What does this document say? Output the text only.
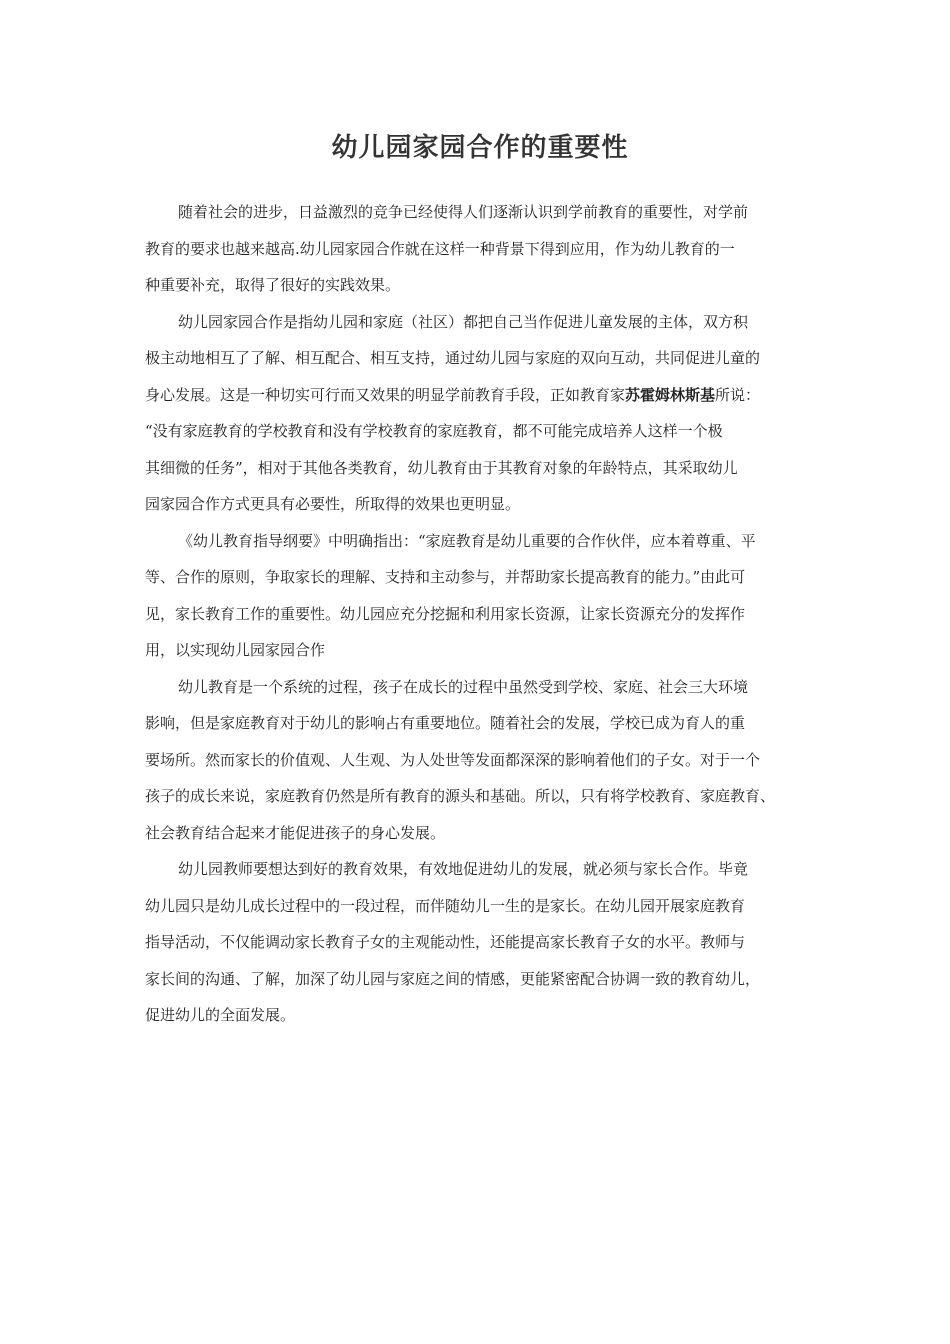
幼儿园家园合作的重要性
随着社会的进步，日益激烈的竞争已经使得人们逐渐认识到学前教育的重要性，对学前
教育的要求也越来越高.幼儿园家园合作就在这样一种背景下得到应用，作为幼儿教育的一
种重要补充，取得了很好的实践效果。
幼儿园家园合作是指幼儿园和家庭（社区）都把自己当作促进儿童发展的主体，双方积
极主动地相互了了解、相互配合、相互支持，通过幼儿园与家庭的双向互动，共同促进儿童的
身心发展。这是一种切实可行而又效果的明显学前教育手段，正如教育家苏霍姆林斯基所说：
“没有家庭教育的学校教育和没有学校教育的家庭教育，都不可能完成培养人这样一个极
其细微的任务”，相对于其他各类教育，幼儿教育由于其教育对象的年龄特点，其采取幼儿
园家园合作方式更具有必要性，所取得的效果也更明显。
《幼儿教育指导纲要》中明确指出：“家庭教育是幼儿重要的合作伙伴，应本着尊重、平
等、合作的原则，争取家长的理解、支持和主动参与，并帮助家长提高教育的能力。”由此可
见，家长教育工作的重要性。幼儿园应充分挖掘和利用家长资源，让家长资源充分的发挥作
用，以实现幼儿园家园合作
幼儿教育是一个系统的过程，孩子在成长的过程中虽然受到学校、家庭、社会三大环境
影响，但是家庭教育对于幼儿的影响占有重要地位。随着社会的发展，学校已成为育人的重
要场所。然而家长的价值观、人生观、为人处世等发面都深深的影响着他们的子女。对于一个
孩子的成长来说，家庭教育仍然是所有教育的源头和基础。所以，只有将学校教育、家庭教育、
社会教育结合起来才能促进孩子的身心发展。
幼儿园教师要想达到好的教育效果，有效地促进幼儿的发展，就必须与家长合作。毕竟
幼儿园只是幼儿成长过程中的一段过程，而伴随幼儿一生的是家长。在幼儿园开展家庭教育
指导活动，不仅能调动家长教育子女的主观能动性，还能提高家长教育子女的水平。教师与
家长间的沟通、了解，加深了幼儿园与家庭之间的情感，更能紧密配合协调一致的教育幼儿，
促进幼儿的全面发展。
